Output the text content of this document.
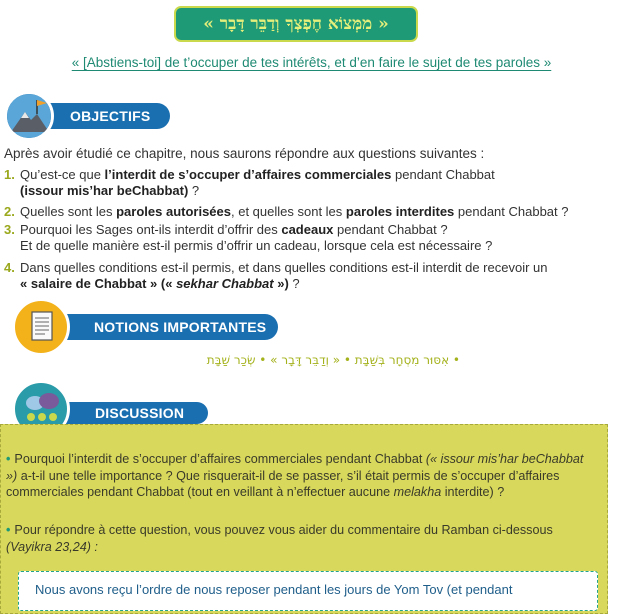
« מִמְּצוֹא חֶפְצְךָ וְדַבֵּר דָּבָר »
« [Abstiens-toi] de t’occuper de tes intérêts, et d’en faire le sujet de tes paroles »
OBJECTIFS
Après avoir étudié ce chapitre, nous saurons répondre aux questions suivantes :
1. Qu’est-ce que l’interdit de s’occuper d’affaires commerciales pendant Chabbat
(issour mis’har beChabbat) ?
2. Quelles sont les paroles autorisées, et quelles sont les paroles interdites pendant Chabbat ?
3. Pourquoi les Sages ont-ils interdit d’offrir des cadeaux pendant Chabbat ?
Et de quelle manière est-il permis d’offrir un cadeau, lorsque cela est nécessaire ?
4. Dans quelles conditions est-il permis, et dans quelles conditions est-il interdit de recevoir un
« salaire de Chabbat » (« sekhar Chabbat ») ?
NOTIONS IMPORTANTES
• אִסּוּר מִסְחָר בְּשַׁבָּת • « וְדַבֵּר דָּבָר » • שְׂכַר שַׁבָּת
DISCUSSION
• Pourquoi l’interdit de s’occuper d’affaires commerciales pendant Chabbat (« issour mis’har beChabbat ») a-t-il une telle importance ? Que risquerait-il de se passer, s’il était permis de s’occuper d’affaires commerciales pendant Chabbat (tout en veillant à n’effectuer aucune melakha interdite) ?
• Pour répondre à cette question, vous pouvez vous aider du commentaire du Ramban ci-dessous (Vayikra 23,24) :
Nous avons reçu l’ordre de nous reposer pendant les jours de Yom Tov (et pendant
